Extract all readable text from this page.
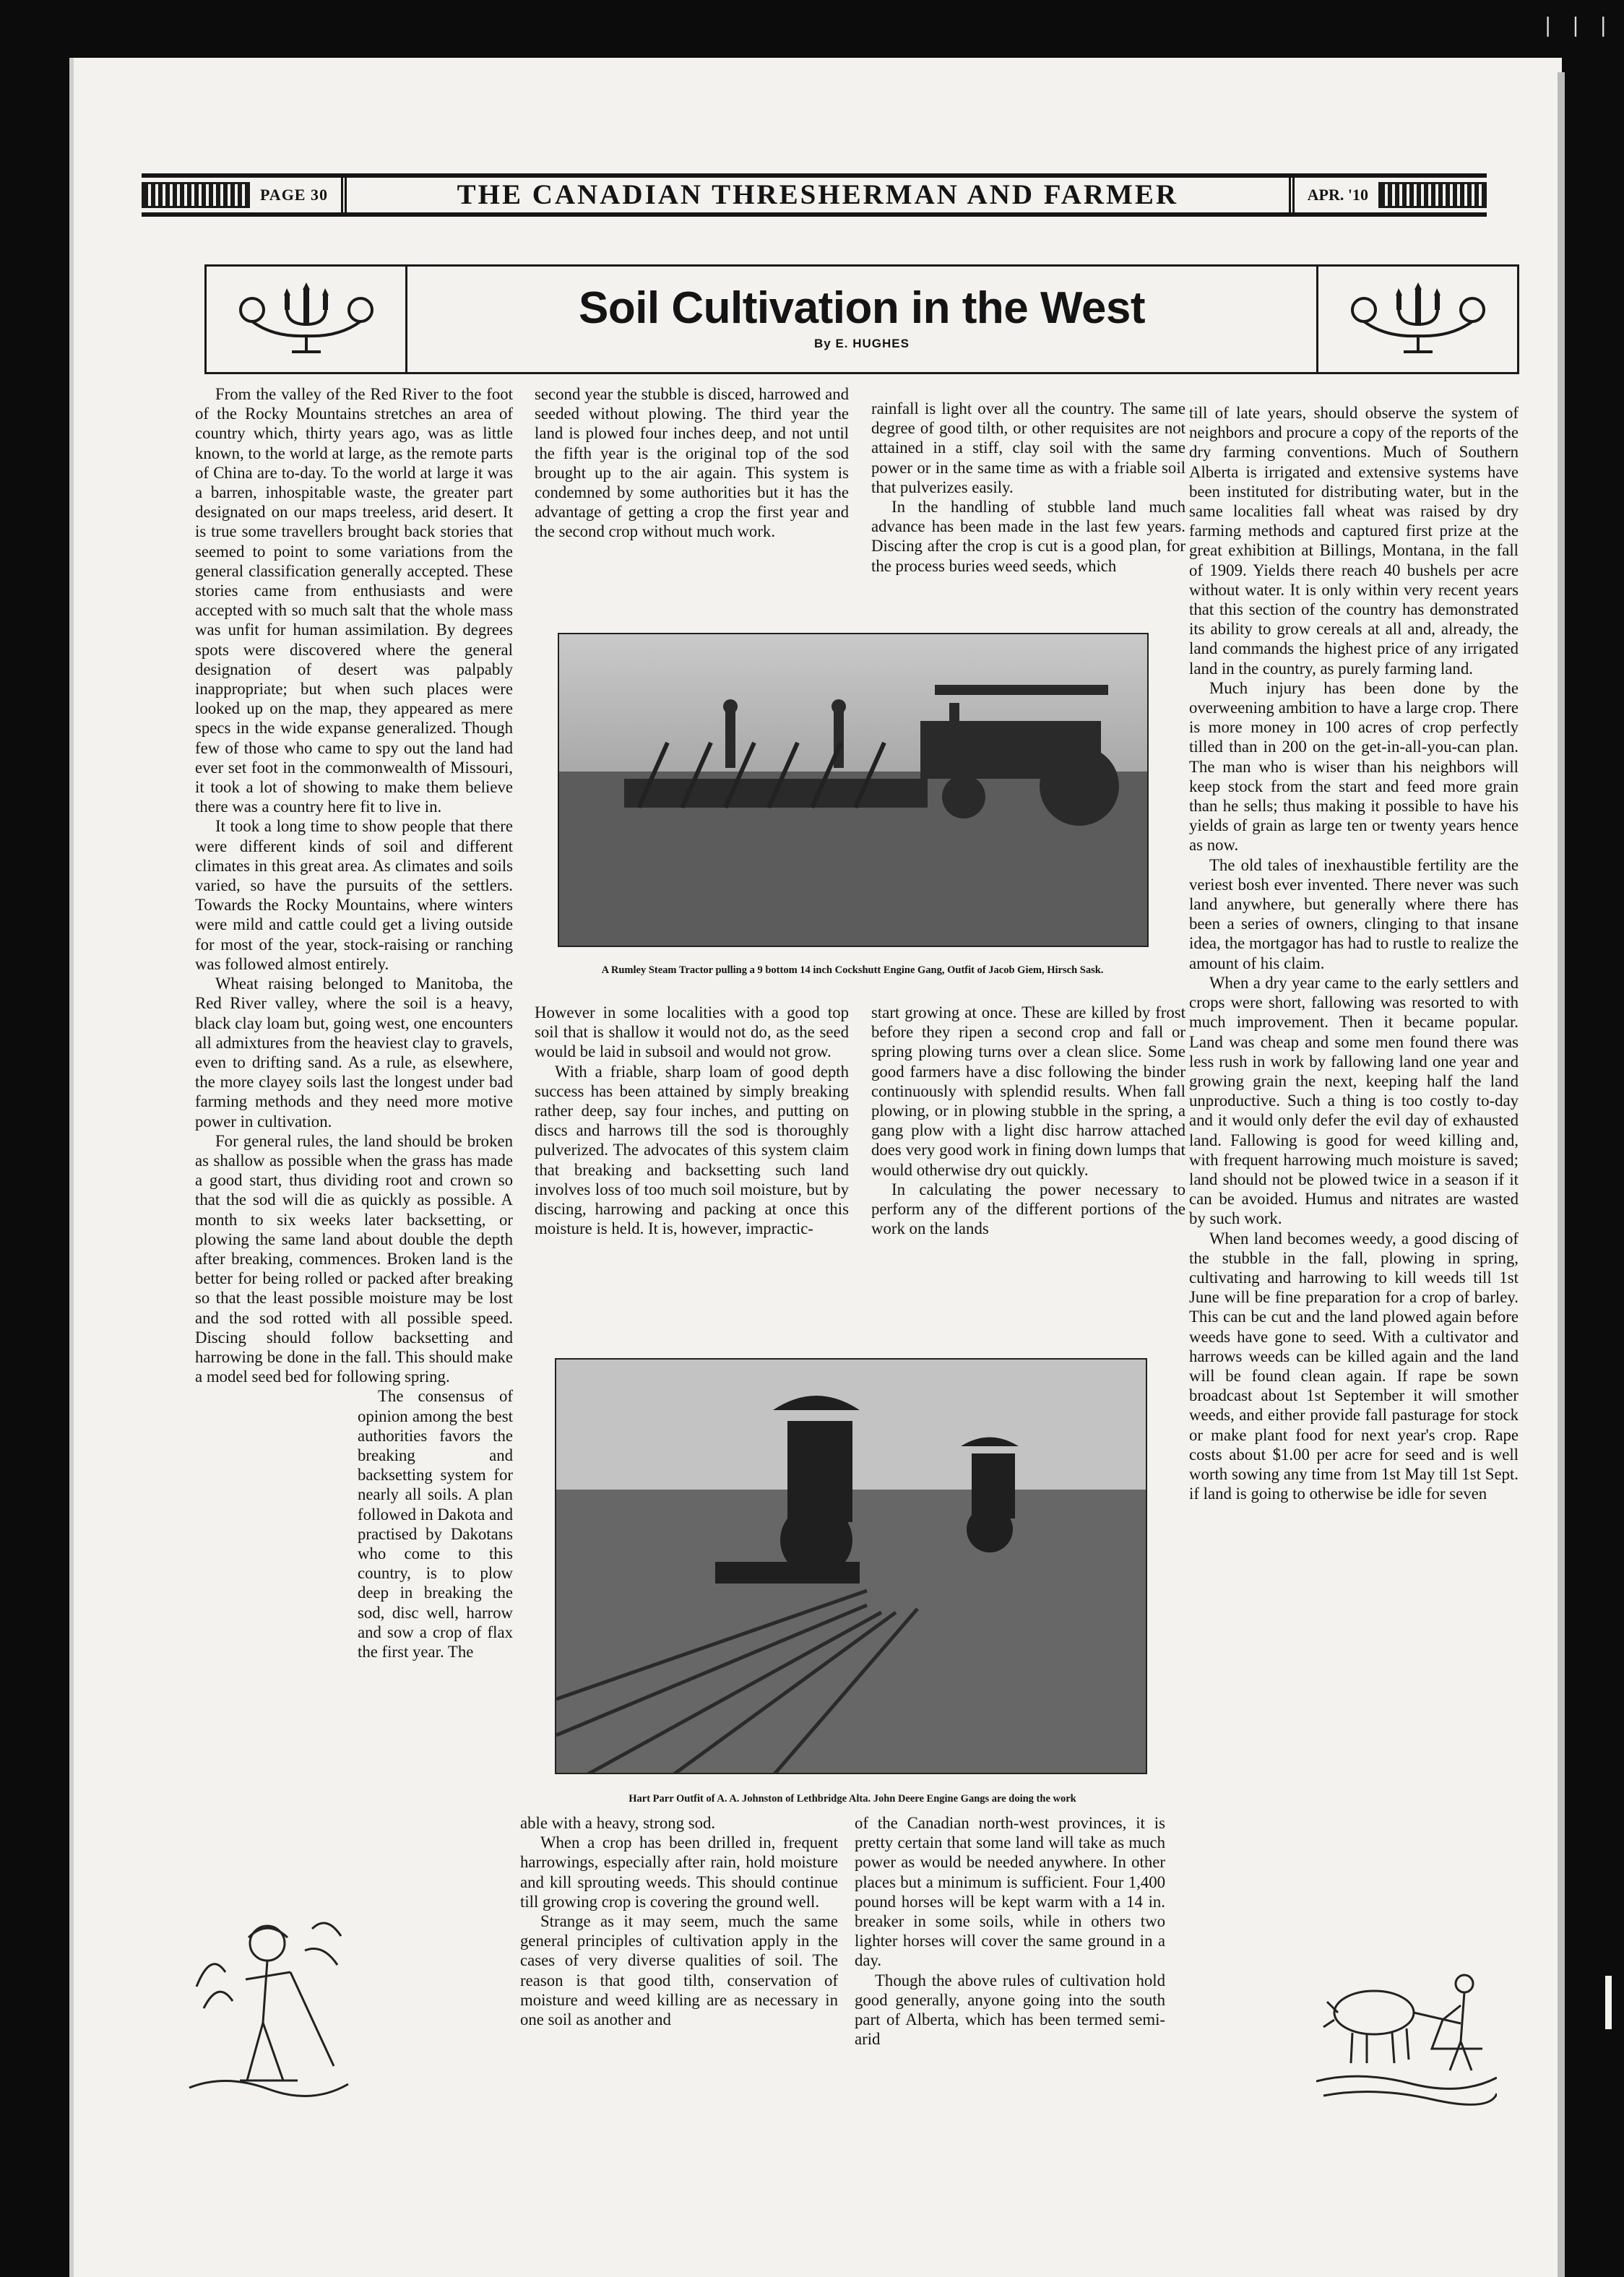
| | |
PAGE 30	THE CANADIAN THRESHERMAN AND FARMER	APR. '10
Soil Cultivation in the West
By E. HUGHES

From the valley of the Red River to the foot of the Rocky Mountains stretches an area of country which, thirty years ago, was as little known, to the world at large, as the remote parts of China are to-day. To the world at large it was a barren, inhospitable waste, the greater part designated on our maps treeless, arid desert. It is true some travellers brought back stories that seemed to point to some variations from the general classification generally accepted. These stories came from enthusiasts and were accepted with so much salt that the whole mass was unfit for human assimilation. By degrees spots were discovered where the general designation of desert was palpably inappropriate; but when such places were looked up on the map, they appeared as mere specs in the wide expanse generalized. Though few of those who came to spy out the land had ever set foot in the commonwealth of Missouri, it took a lot of showing to make them believe there was a country here fit to live in.

It took a long time to show people that there were different kinds of soil and different climates in this great area. As climates and soils varied, so have the pursuits of the settlers. Towards the Rocky Mountains, where winters were mild and cattle could get a living outside for most of the year, stock-raising or ranching was followed almost entirely.

Wheat raising belonged to Manitoba, the Red River valley, where the soil is a heavy, black clay loam but, going west, one encounters all admixtures from the heaviest clay to gravels, even to drifting sand. As a rule, as elsewhere, the more clayey soils last the longest under bad farming methods and they need more motive power in cultivation.

For general rules, the land should be broken as shallow as possible when the grass has made a good start, thus dividing root and crown so that the sod will die as quickly as possible. A month to six weeks later backsetting, or plowing the same land about double the depth after breaking, commences. Broken land is the better for being rolled or packed after breaking so that the least possible moisture may be lost and the sod rotted with all possible speed. Discing should follow backsetting and harrowing be done in the fall. This should make a model seed bed for following spring.

The consensus of opinion among the best authorities favors the breaking and backsetting system for nearly all soils. A plan followed in Dakota and practised by Dakotans who come to this country, is to plow deep in breaking the sod, disc well, harrow and sow a crop of flax the first year. The

second year the stubble is disced, harrowed and seeded without plowing. The third year the land is plowed four inches deep, and not until the fifth year is the original top of the sod brought up to the air again. This system is condemned by some authorities but it has the advantage of getting a crop the first year and the second crop without much work.

rainfall is light over all the country. The same degree of good tilth, or other requisites are not attained in a stiff, clay soil with the same power or in the same time as with a friable soil that pulverizes easily.

In the handling of stubble land much advance has been made in the last few years. Discing after the crop is cut is a good plan, for the process buries weed seeds, which

A Rumley Steam Tractor pulling a 9 bottom 14 inch Cockshutt Engine Gang, Outfit of Jacob Giem, Hirsch Sask.

However in some localities with a good top soil that is shallow it would not do, as the seed would be laid in subsoil and would not grow.

With a friable, sharp loam of good depth success has been attained by simply breaking rather deep, say four inches, and putting on discs and harrows till the sod is thoroughly pulverized. The advocates of this system claim that breaking and backsetting such land involves loss of too much soil moisture, but by discing, harrowing and packing at once this moisture is held. It is, however, impractic-

start growing at once. These are killed by frost before they ripen a second crop and fall or spring plowing turns over a clean slice. Some good farmers have a disc following the binder continuously with splendid results. When fall plowing, or in plowing stubble in the spring, a gang plow with a light disc harrow attached does very good work in fining down lumps that would otherwise dry out quickly.

In calculating the power necessary to perform any of the different portions of the work on the lands

Hart Parr Outfit of A. A. Johnston of Lethbridge Alta. John Deere Engine Gangs are doing the work

able with a heavy, strong sod.

When a crop has been drilled in, frequent harrowings, especially after rain, hold moisture and kill sprouting weeds. This should continue till growing crop is covering the ground well.

Strange as it may seem, much the same general principles of cultivation apply in the cases of very diverse qualities of soil. The reason is that good tilth, conservation of moisture and weed killing are as necessary in one soil as another and

of the Canadian north-west provinces, it is pretty certain that some land will take as much power as would be needed anywhere. In other places but a minimum is sufficient. Four 1,400 pound horses will be kept warm with a 14 in. breaker in some soils, while in others two lighter horses will cover the same ground in a day.

Though the above rules of cultivation hold good generally, anyone going into the south part of Alberta, which has been termed semi-arid

till of late years, should observe the system of neighbors and procure a copy of the reports of the dry farming conventions. Much of Southern Alberta is irrigated and extensive systems have been instituted for distributing water, but in the same localities fall wheat was raised by dry farming methods and captured first prize at the great exhibition at Billings, Montana, in the fall of 1909. Yields there reach 40 bushels per acre without water. It is only within very recent years that this section of the country has demonstrated its ability to grow cereals at all and, already, the land commands the highest price of any irrigated land in the country, as purely farming land.

Much injury has been done by the overweening ambition to have a large crop. There is more money in 100 acres of crop perfectly tilled than in 200 on the get-in-all-you-can plan. The man who is wiser than his neighbors will keep stock from the start and feed more grain than he sells; thus making it possible to have his yields of grain as large ten or twenty years hence as now.

The old tales of inexhaustible fertility are the veriest bosh ever invented. There never was such land anywhere, but generally where there has been a series of owners, clinging to that insane idea, the mortgagor has had to rustle to realize the amount of his claim.

When a dry year came to the early settlers and crops were short, fallowing was resorted to with much improvement. Then it became popular. Land was cheap and some men found there was less rush in work by fallowing land one year and growing grain the next, keeping half the land unproductive. Such a thing is too costly to-day and it would only defer the evil day of exhausted land. Fallowing is good for weed killing and, with frequent harrowing much moisture is saved; land should not be plowed twice in a season if it can be avoided. Humus and nitrates are wasted by such work.

When land becomes weedy, a good discing of the stubble in the fall, plowing in spring, cultivating and harrowing to kill weeds till 1st June will be fine preparation for a crop of barley. This can be cut and the land plowed again before weeds have gone to seed. With a cultivator and harrows weeds can be killed again and the land will be found clean again. If rape be sown broadcast about 1st September it will smother weeds, and either provide fall pasturage for stock or make plant food for next year's crop. Rape costs about $1.00 per acre for seed and is well worth sowing any time from 1st May till 1st Sept. if land is going to otherwise be idle for seven
